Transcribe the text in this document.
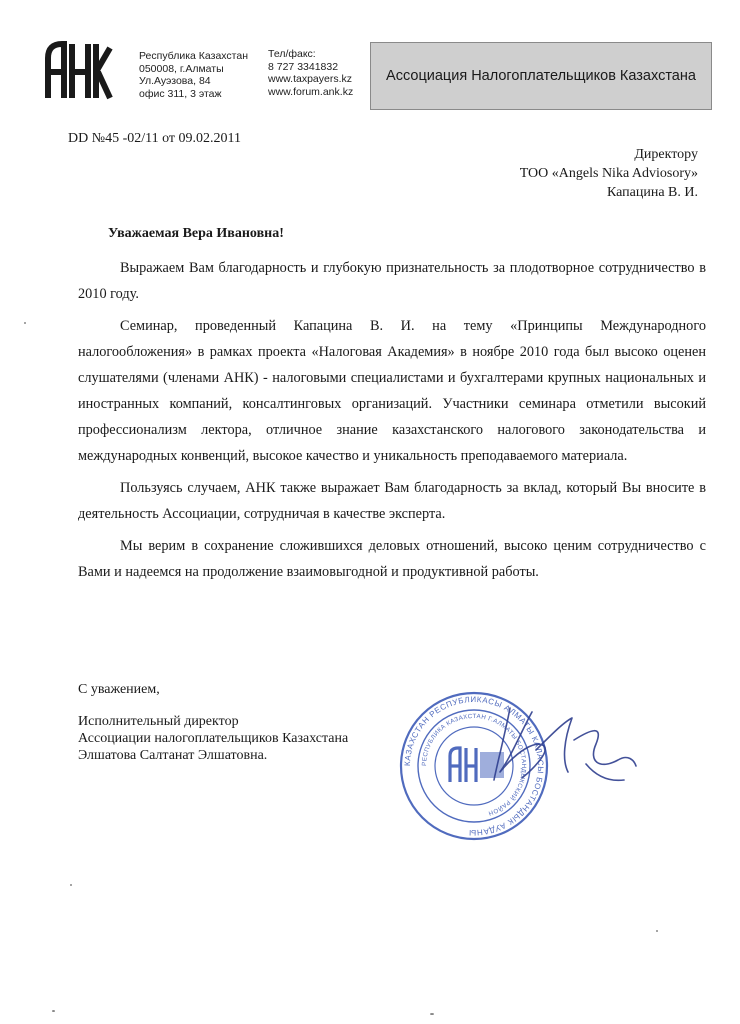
Республика Казахстан
050008, г.Алматы
Ул.Ауэзова, 84
офис 311, 3 этаж
Тел/факс:
8 727 3341832
www.taxpayers.kz
www.forum.ank.kz
Ассоциация Налогоплательщиков Казахстана
DD №45 -02/11 от 09.02.2011
Директору
ТОО «Angels Nika Adviosory»
Капацина В. И.
Уважаемая Вера Ивановна!

Выражаем Вам благодарность и глубокую признательность за плодотворное сотрудничество в 2010 году.

Семинар, проведенный Капацина В. И. на тему «Принципы Международного налогообложения» в рамках проекта «Налоговая Академия» в ноябре 2010 года был высоко оценен слушателями (членами АНК) - налоговыми специалистами и бухгалтерами крупных национальных и иностранных компаний, консалтинговых организаций. Участники семинара отметили высокий профессионализм лектора, отличное знание казахстанского налогового законодательства и международных конвенций, высокое качество и уникальность преподаваемого материала.

Пользуясь случаем, АНК также выражает Вам благодарность за вклад, который Вы вносите в деятельность Ассоциации, сотрудничая в качестве эксперта.

Мы верим в сохранение сложившихся деловых отношений, высоко ценим сотрудничество с Вами и надеемся на продолжение взаимовыгодной и продуктивной работы.

С уважением,
Исполнительный директор
Ассоциации налогоплательщиков Казахстана
Элшатова Салтанат Элшатовна.
КАЗАХСТАН РЕСПУБЛИКАСЫ АЛМАТЫ КАЛАСЫ БОСТАНДЫК АУДАНЫ
РЕСПУБЛИКА КАЗАХСТАН Г.АЛМАТЫ БОСТАНДЫКСКИЙ РАЙОН
